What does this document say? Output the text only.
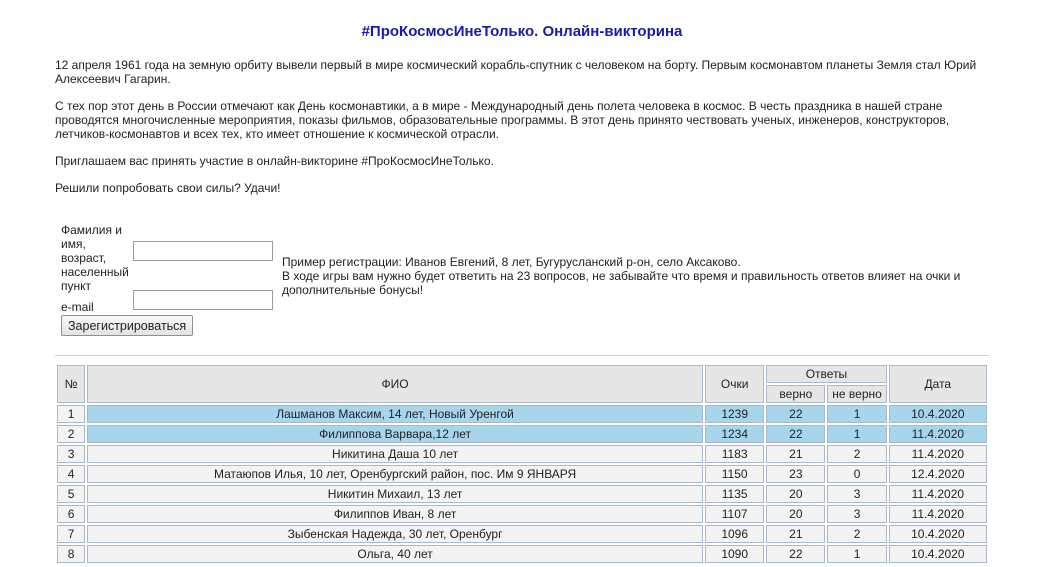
#ПроКосмосИнеТолько. Онлайн-викторина

12 апреля 1961 года на земную орбиту вывели первый в мире космический корабль-спутник с человеком на борту. Первым космонавтом планеты Земля стал Юрий Алексеевич Гагарин.

С тех пор этот день в России отмечают как День космонавтики, а в мире - Международный день полета человека в космос. В честь праздника в нашей стране проводятся многочисленные мероприятия, показы фильмов, образовательные программы. В этот день принято чествовать ученых, инженеров, конструкторов, летчиков-космонавтов и всех тех, кто имеет отношение к космической отрасли.

Приглашаем вас принять участие в онлайн-викторине #ПроКосмосИнеТолько.

Решили попробовать свои силы? Удачи!

Фамилия и имя, возраст, населенный пункт
e-mail
Зарегистрироваться
Пример регистрации: Иванов Евгений, 8 лет, Бугурусланский р-он, село Аксаково.
В ходе игры вам нужно будет ответить на 23 вопросов, не забывайте что время и правильность ответов влияет на очки и дополнительные бонусы!
№	ФИО	Очки	Ответы		Дата
			верно	не верно	
1	Лашманов Максим, 14 лет, Новый Уренгой	1239	22	1	10.4.2020
2	Филиппова Варвара,12 лет	1234	22	1	11.4.2020
3	Никитина Даша 10 лет	1183	21	2	11.4.2020
4	Матаюпов Илья, 10 лет, Оренбургский район, пос. Им 9 ЯНВАРЯ	1150	23	0	12.4.2020
5	Никитин Михаил, 13 лет	1135	20	3	11.4.2020
6	Филиппов Иван, 8 лет	1107	20	3	11.4.2020
7	Зыбенская Надежда, 30 лет, Оренбург	1096	21	2	10.4.2020
8	Ольга, 40 лет	1090	22	1	10.4.2020
